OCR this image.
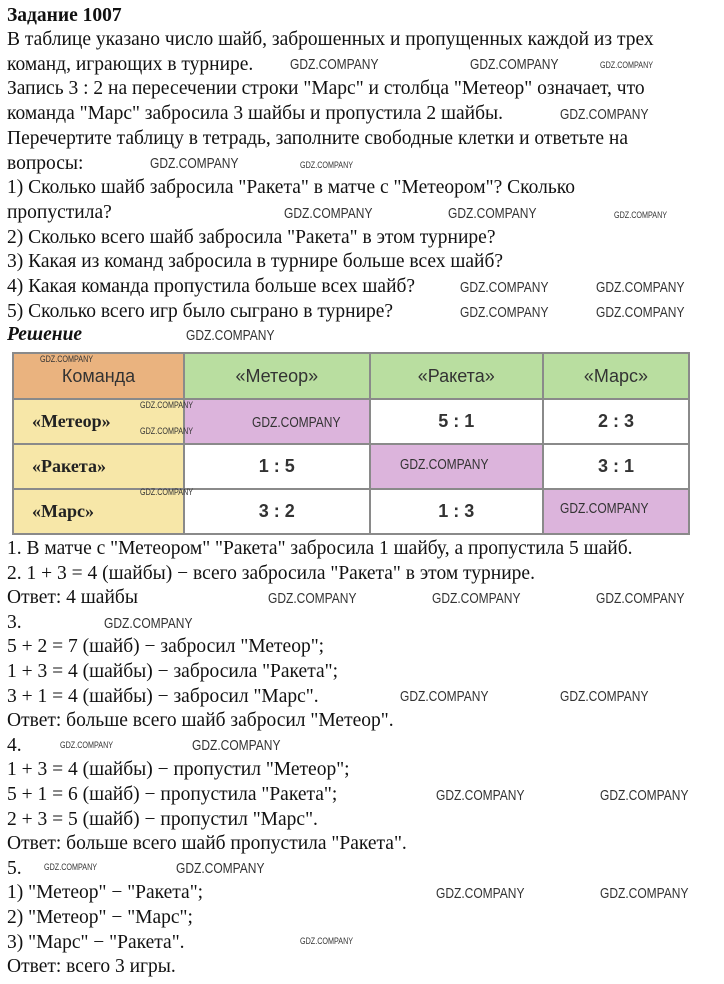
Задание 1007
В таблице указано число шайб, заброшенных и пропущенных каждой из трех
команд, играющих в турнире.
Запись 3 : 2 на пересечении строки "Марс" и столбца "Метеор" означает, что
команда "Марс" забросила 3 шайбы и пропустила 2 шайбы.
Перечертите таблицу в тетрадь, заполните свободные клетки и ответьте на
вопросы:
1) Сколько шайб забросила "Ракета" в матче с "Метеором"? Сколько
пропустила?
2) Сколько всего шайб забросила "Ракета" в этом турнире?
3) Какая из команд забросила в турнире больше всех шайб?
4) Какая команда пропустила больше всех шайб?
5) Сколько всего игр было сыграно в турнире?
Решение
Команда	«Метеор»	«Ракета»	«Марс»
«Метеор»		5 : 1	2 : 3
«Ракета»	1 : 5		3 : 1
«Марс»	3 : 2	1 : 3	
1. В матче с "Метеором" "Ракета" забросила 1 шайбу, а пропустила 5 шайб.
2. 1 + 3 = 4 (шайбы) − всего забросила "Ракета" в этом турнире.
Ответ: 4 шайбы
3.
5 + 2 = 7 (шайб) − забросил "Метеор";
1 + 3 = 4 (шайбы) − забросила "Ракета";
3 + 1 = 4 (шайбы) − забросил "Марс".
Ответ: больше всего шайб забросил "Метеор".
4.
1 + 3 = 4 (шайбы) − пропустил "Метеор";
5 + 1 = 6 (шайб) − пропустила "Ракета";
2 + 3 = 5 (шайб) − пропустил "Марс".
Ответ: больше всего шайб пропустила "Ракета".
5.
1) "Метеор" − "Ракета";
2) "Метеор" − "Марс";
3) "Марс" − "Ракета".
Ответ: всего 3 игры.
GDZ.COMPANY	GDZ.COMPANY
GDZ.COMPANY
GDZ.COMPANY
GDZ.COMPANY	GDZ.COMPANY
GDZ.COMPANY	GDZ.COMPANY
GDZ.COMPANY	GDZ.COMPANY
GDZ.COMPANY
GDZ.COMPANY
GDZ.COMPANY
GDZ.COMPANY
GDZ.COMPANY	GDZ.COMPANY	GDZ.COMPANY
GDZ.COMPANY
GDZ.COMPANY	GDZ.COMPANY
GDZ.COMPANY
GDZ.COMPANY	GDZ.COMPANY
GDZ.COMPANY
GDZ.COMPANY	GDZ.COMPANY
GDZ.COMPANY
GDZ.COMPANY
GDZ.COMPANY
GDZ.COMPANY
GDZ.COMPANY
GDZ.COMPANY
GDZ.COMPANY
GDZ.COMPANY
GDZ.COMPANY
GDZ.COMPANY
